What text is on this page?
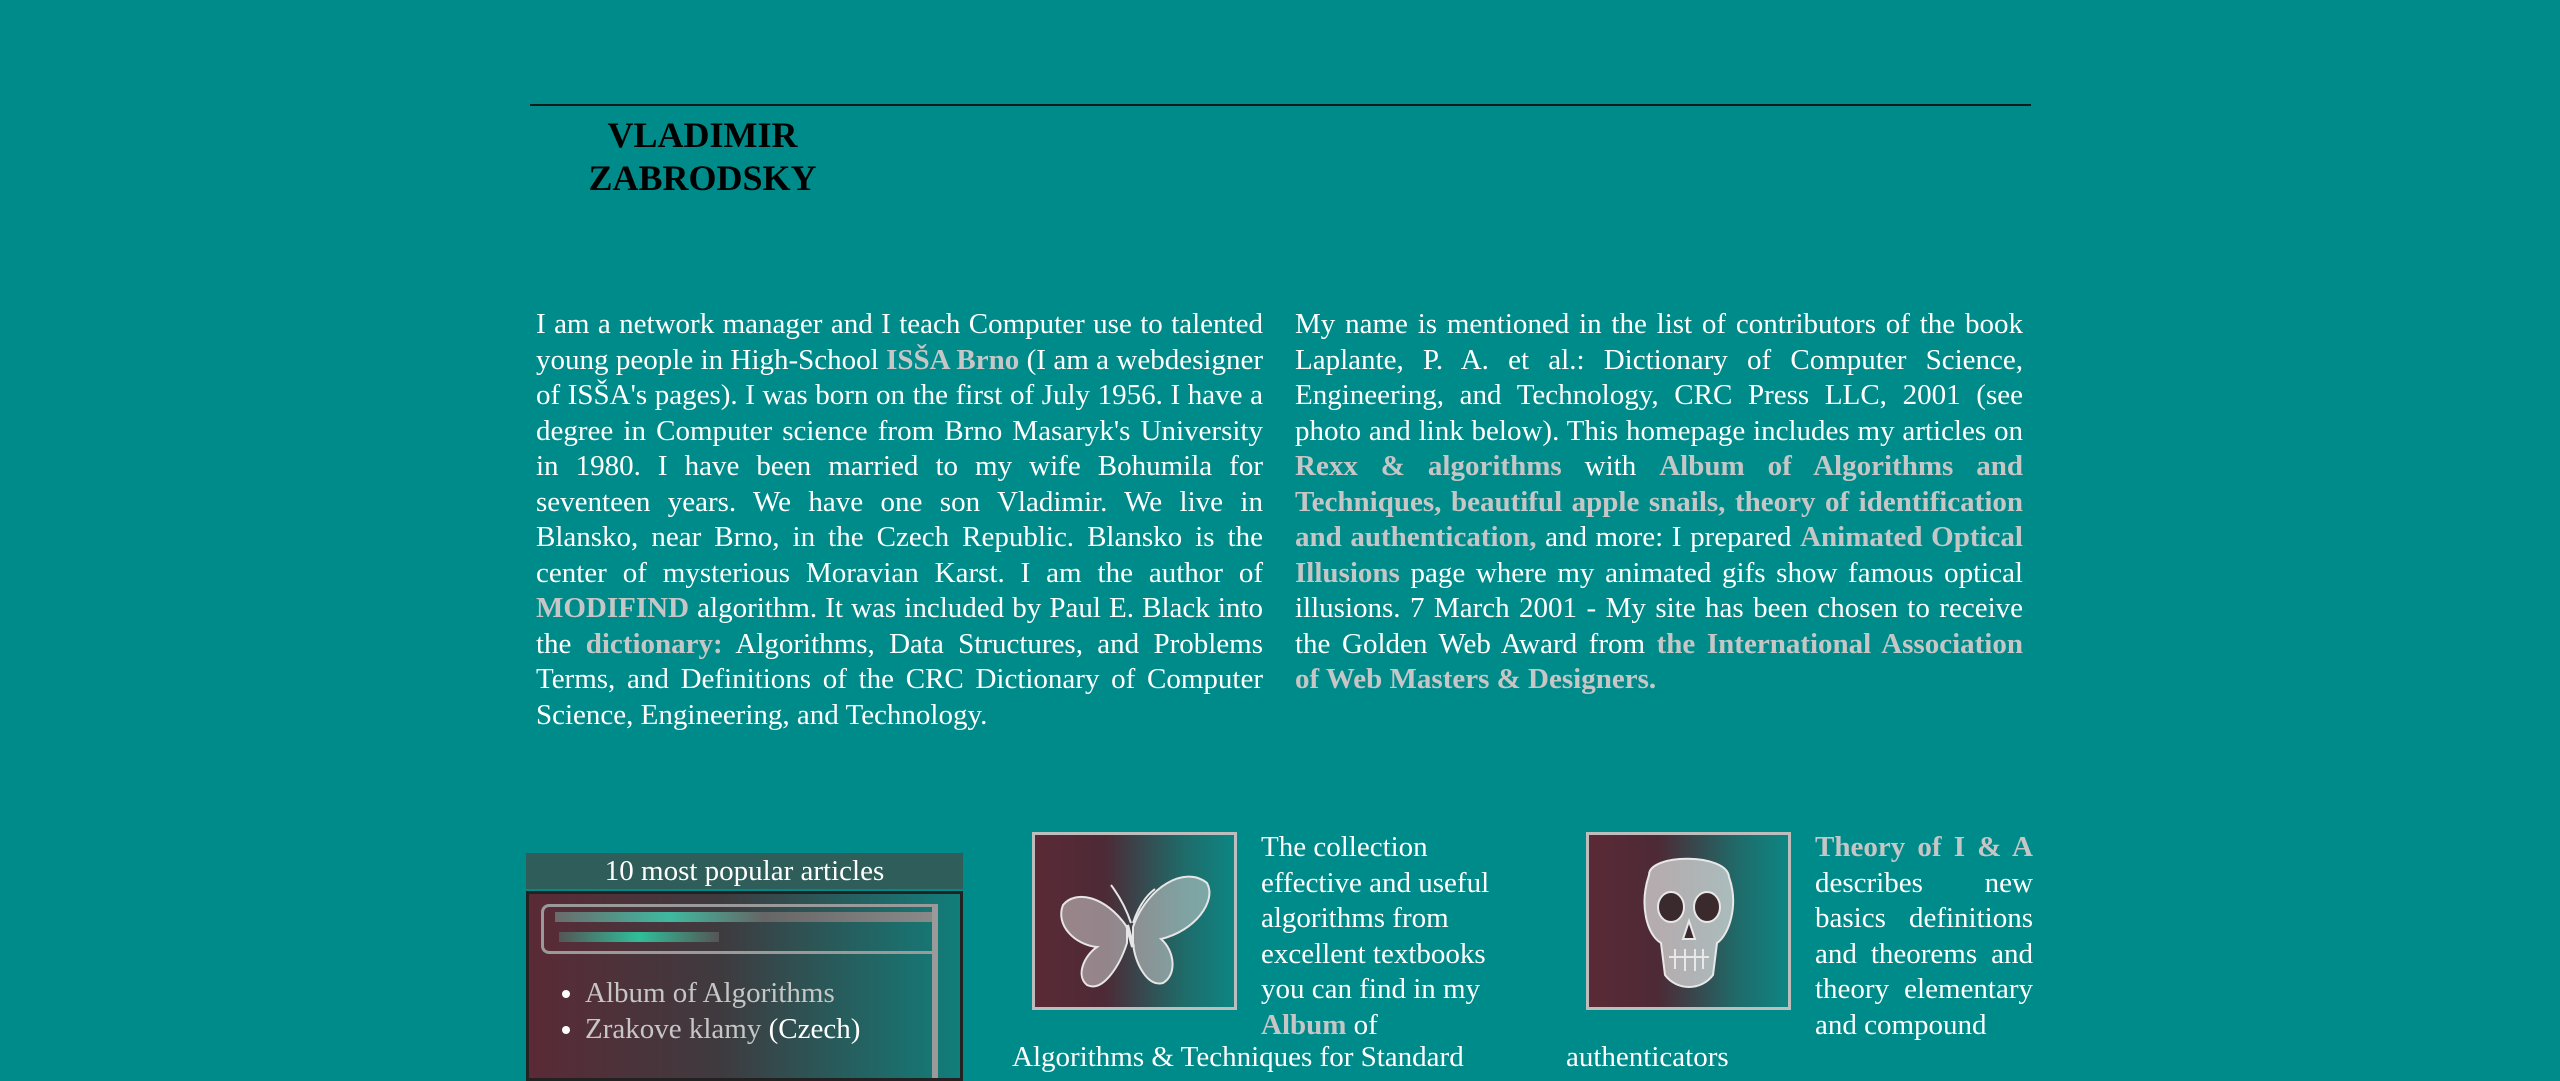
VLADIMIR
ZABRODSKY
I am a network manager and I teach Computer use to talented young people in High-School ISŠA Brno (I am a webdesigner of ISŠA's pages). I was born on the first of July 1956. I have a degree in Computer science from Brno Masaryk's University in 1980. I have been married to my wife Bohumila for seventeen years. We have one son Vladimir. We live in Blansko, near Brno, in the Czech Republic. Blansko is the center of mysterious Moravian Karst. I am the author of MODIFIND algorithm. It was included by Paul E. Black into the dictionary: Algorithms, Data Structures, and Problems Terms, and Definitions of the CRC Dictionary of Computer Science, Engineering, and Technology.
My name is mentioned in the list of contributors of the book Laplante, P. A. et al.: Dictionary of Computer Science, Engineering, and Technology, CRC Press LLC, 2001 (see photo and link below). This homepage includes my articles on Rexx & algorithms with Album of Algorithms and Techniques, beautiful apple snails, theory of identification and authentication, and more: I prepared Animated Optical Illusions page where my animated gifs show famous optical illusions. 7 March 2001 - My site has been chosen to receive the Golden Web Award from the International Association of Web Masters & Designers.
10 most popular articles
• Album of Algorithms
• Zrakove klamy (Czech)
The collection effective and useful algorithms from excellent textbooks you can find in my Album of
Algorithms & Techniques for Standard
Theory of I & A describes new basics definitions and theorems and theory elementary and compound
authenticators
